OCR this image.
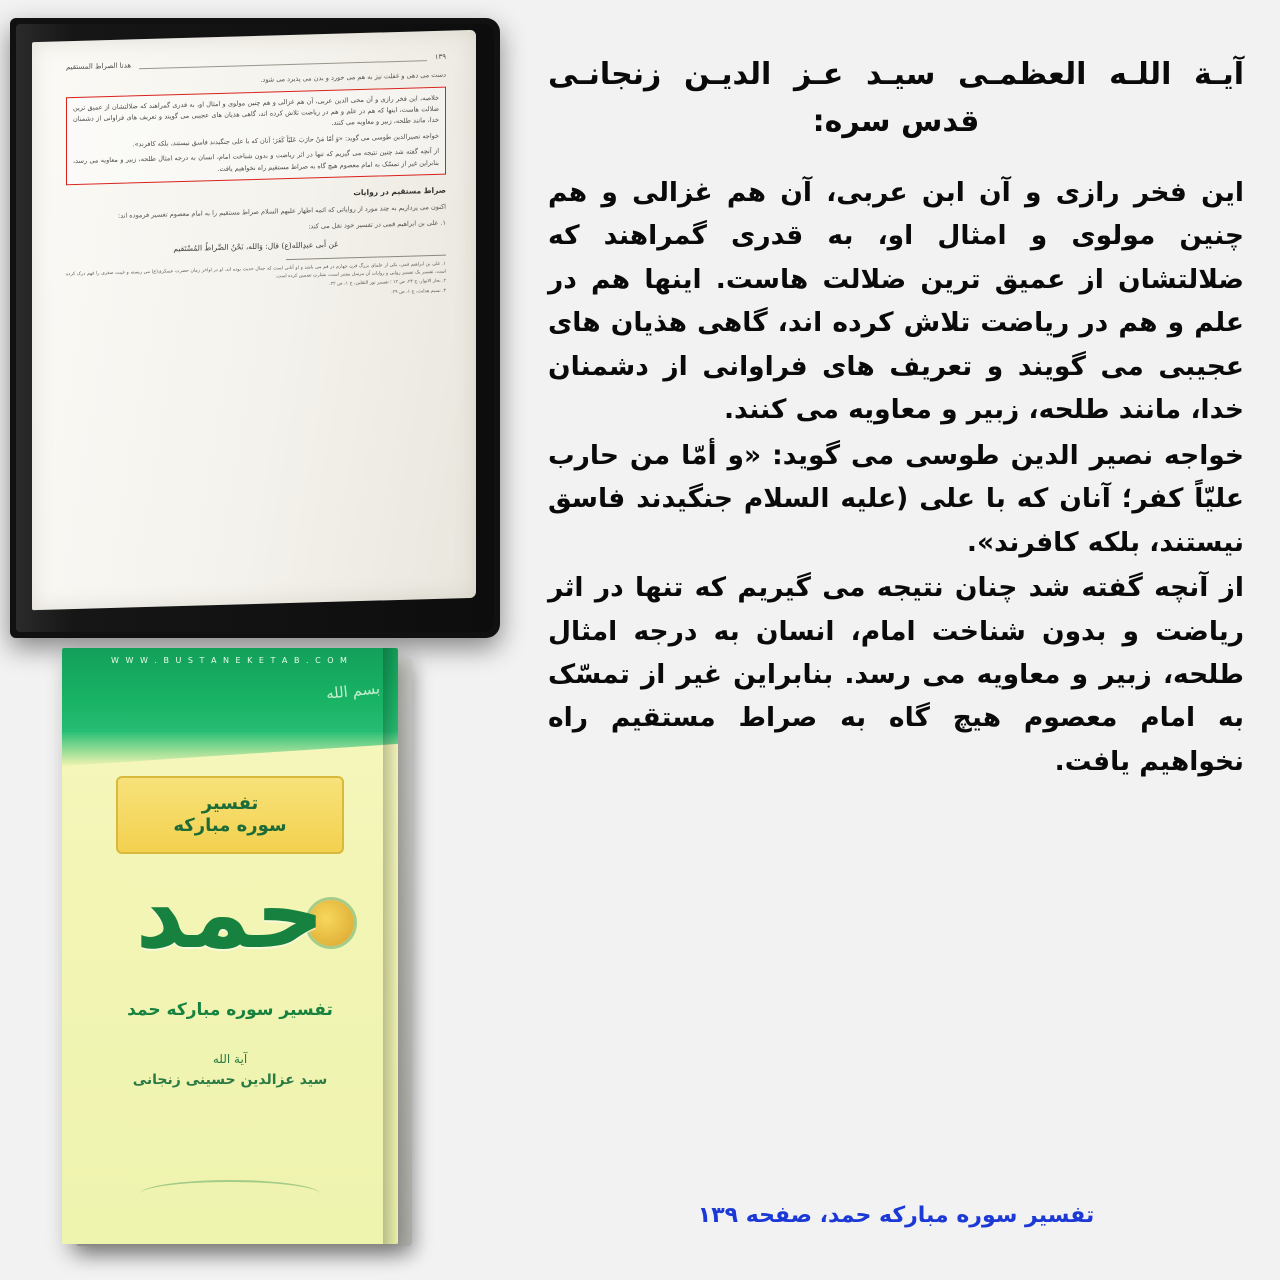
۱۳۹
هدنا الصراط المستقیم

دست می دهی و غفلت نیز به هم می خورد و بدن می پذیرد می شود.

خلاصه، این فخر رازی و آن محی الدین عربی، آن هم غزالی و هم چنین مولوی و امثال او، به قدری گمراهند که ضلالتشان از عمیق ترین ضلالت هاست، اینها که هم در علم و هم در ریاضت تلاش کرده اند، گاهی هذیان های عجیبی می گویند و تعریف های فراوانی از دشمنان خدا، مانند طلحه، زبیر و معاویه می کنند.

خواجه نصیرالدین طوسی می گوید: «وَ أمّا مَنْ حارَبَ عَلیّاً کَفَرَ؛ آنان که با علی جنگیدند فاسق نیستند، بلکه کافرند».

از آنچه گفته شد چنین نتیجه می گیریم که تنها در اثر ریاضت و بدون شناخت امام، انسان به درجه امثال طلحه، زبیر و معاویه می رسد، بنابراین غیر از تمسّک به امام معصوم هیچ گاه به صراط مستقیم راه نخواهیم یافت.

صراط مستقیم در روایات

اکنون می پردازیم به چند مورد از روایاتی که ائمه اطهار علیهم السلام صراط مستقیم را به امام معصوم تفسیر فرموده اند:

۱. علی بن ابراهیم قمی در تفسیر خود نقل می کند:

عَن أبی عبدِالله(ع) قال: وَالله، نَحْنُ الصِّراطُ المُسْتَقیم

۱. علی بن ابراهیم قمی، یکی از علمای بزرگ قرن چهارم در قم می باشد و او آنانی است که جدال حدیث بوده اند. او در اواخر زمان حضرت عسکری(ع) می زیسته و غیبت صغری را فهم درک کرده است. تفسیر یک تفسیر روایی و روایات آن مرسل معتبر است، بشارتِ تضمین کرده است.

۲. بحار الانوار، ج ۲۴، ص ۱۲ ؛ تفسیر نور الثقلین، ج ۱، ص ۲۲.

۳. نسیم هدایت، ج ۱، ص ۲۹.

W W W . B U S T A N E K E T A B . C O M
بسم الله
تفسیر
سوره مبارکه
حمد
تفسیر سوره مبارکه حمد
آیة الله
سید عزالدین حسینی زنجانی
آیـة اللـه العظمـی سیـد عـز الدیـن زنجانـی قدس سره:

این فخر رازی و آن ابن عربی، آن هم غزالی و هم چنین مولوی و امثال او، به قدری گمراهند که ضلالتشان از عمیق ترین ضلالت هاست. اینها هم در علم و هم در ریاضت تلاش کرده اند، گاهی هذیان های عجیبی می گویند و تعریف های فراوانی از دشمنان خدا، مانند طلحه، زبیر و معاویه می کنند.

خواجه نصیر الدین طوسی می گوید: «و أمّا من حارب علیّاً کفر؛ آنان که با علی (علیه السلام جنگیدند فاسق نیستند، بلکه کافرند».

از آنچه گفته شد چنان نتیجه می گیریم که تنها در اثر ریاضت و بدون شناخت امام، انسان به درجه امثال طلحه، زبیر و معاویه می رسد. بنابراین غیر از تمسّک به امام معصوم هیچ گاه به صراط مستقیم راه نخواهیم یافت.

تفسیر سوره مبارکه حمد، صفحه ۱۳۹
